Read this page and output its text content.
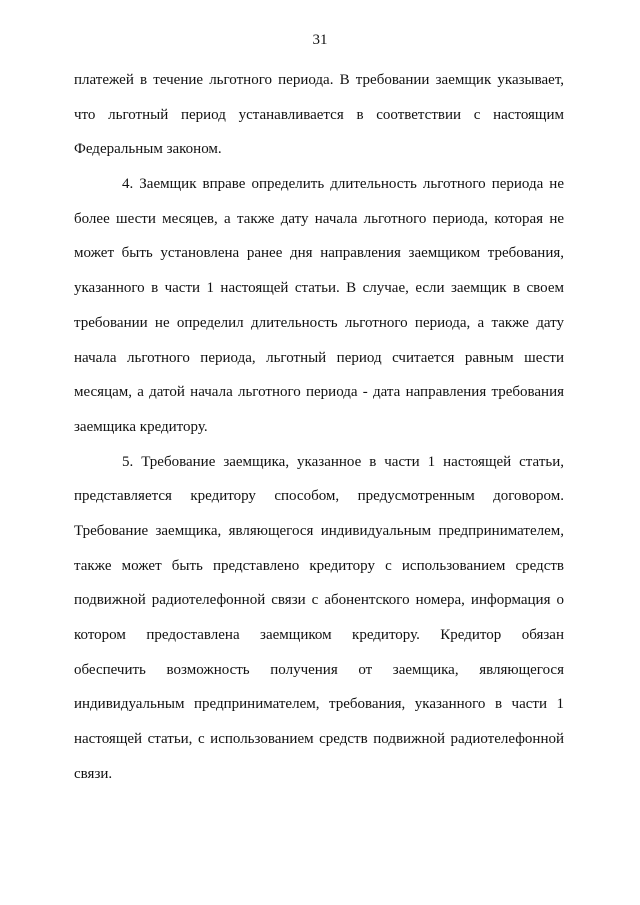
31
платежей в течение льготного периода. В требовании заемщик указывает,
что льготный период устанавливается в соответствии с настоящим
Федеральным законом.
4. Заемщик вправе определить длительность льготного периода не
более шести месяцев, а также дату начала льготного периода, которая не
может быть установлена ранее дня направления заемщиком требования,
указанного в части 1 настоящей статьи. В случае, если заемщик в своем
требовании не определил длительность льготного периода, а также дату
начала льготного периода, льготный период считается равным шести
месяцам, а датой начала льготного периода - дата направления требования
заемщика кредитору.
5. Требование заемщика, указанное в части 1 настоящей статьи,
представляется кредитору способом, предусмотренным договором.
Требование заемщика, являющегося индивидуальным предпринимателем,
также может быть представлено кредитору с использованием средств
подвижной радиотелефонной связи с абонентского номера, информация о
котором предоставлена заемщиком кредитору. Кредитор обязан
обеспечить возможность получения от заемщика, являющегося
индивидуальным предпринимателем, требования, указанного в части 1
настоящей статьи, с использованием средств подвижной радиотелефонной
связи.
